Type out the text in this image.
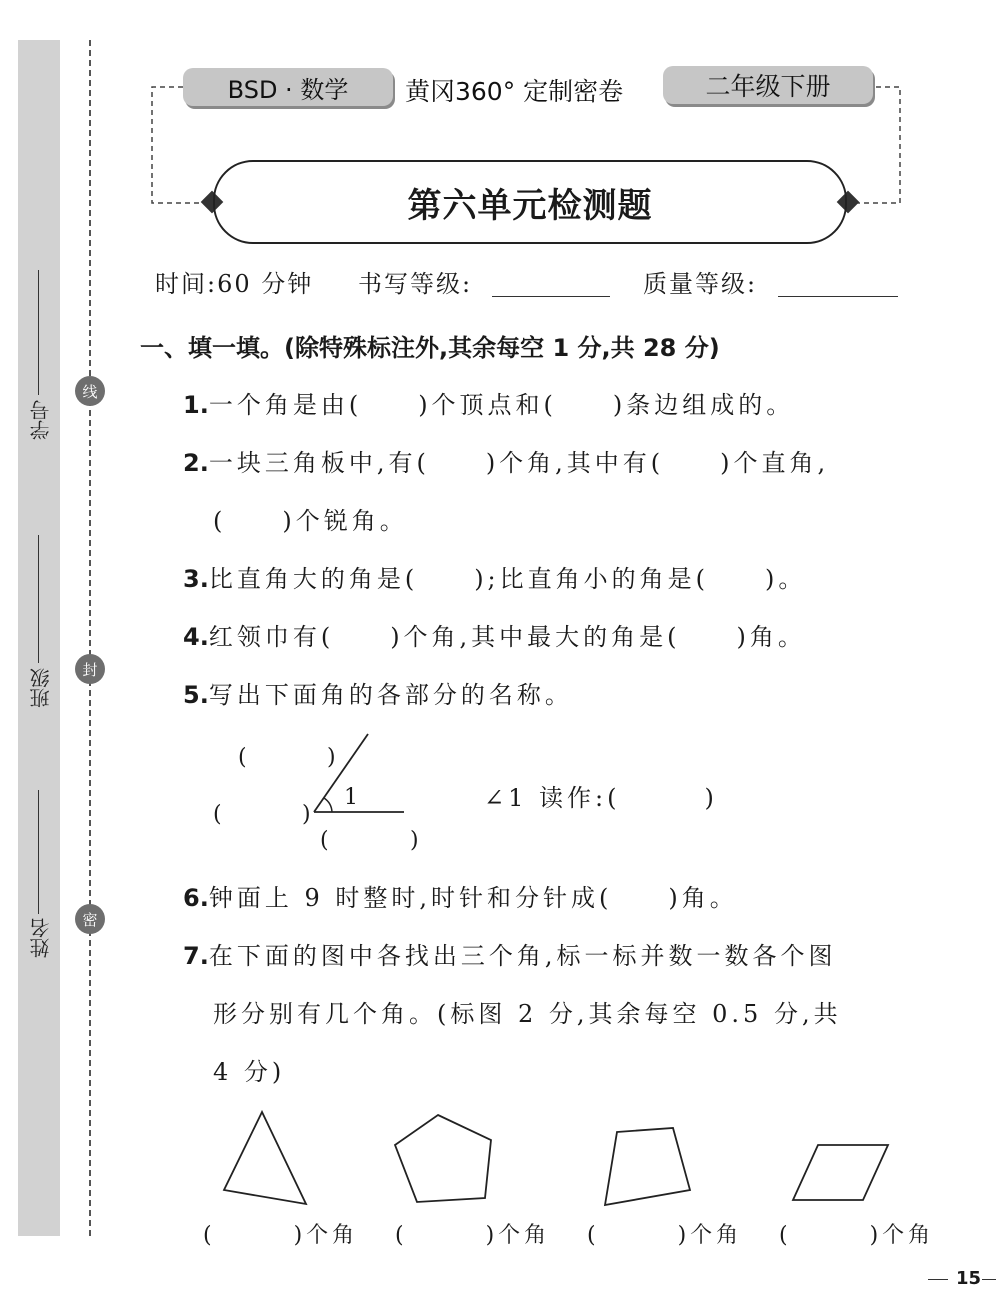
学号
班级
姓名
线
封
密
BSD · 数学	黄冈360° 定制密卷	二年级下册
第六单元检测题
时间:60 分钟 书写等级:	质量等级:
一、填一填。(除特殊标注外,其余每空 1 分,共 28 分)
1.一个角是由(　　)个顶点和(　　)条边组成的。
2.一块三角板中,有(　　)个角,其中有(　　)个直角,
(　　)个锐角。
3.比直角大的角是(　　);比直角小的角是(　　)。
4.红领巾有(　　)个角,其中最大的角是(　　)角。
5.写出下面角的各部分的名称。
1
(	)
(	)
(	)
∠1 读作:(　　　)
6.钟面上 9 时整时,时针和分针成(　　)角。
7.在下面的图中各找出三个角,标一标并数一数各个图
形分别有几个角。(标图 2 分,其余每空 0.5 分,共
4 分)
(　　　)个角 (　　　)个角 (　　　)个角 (　　　)个角
15
